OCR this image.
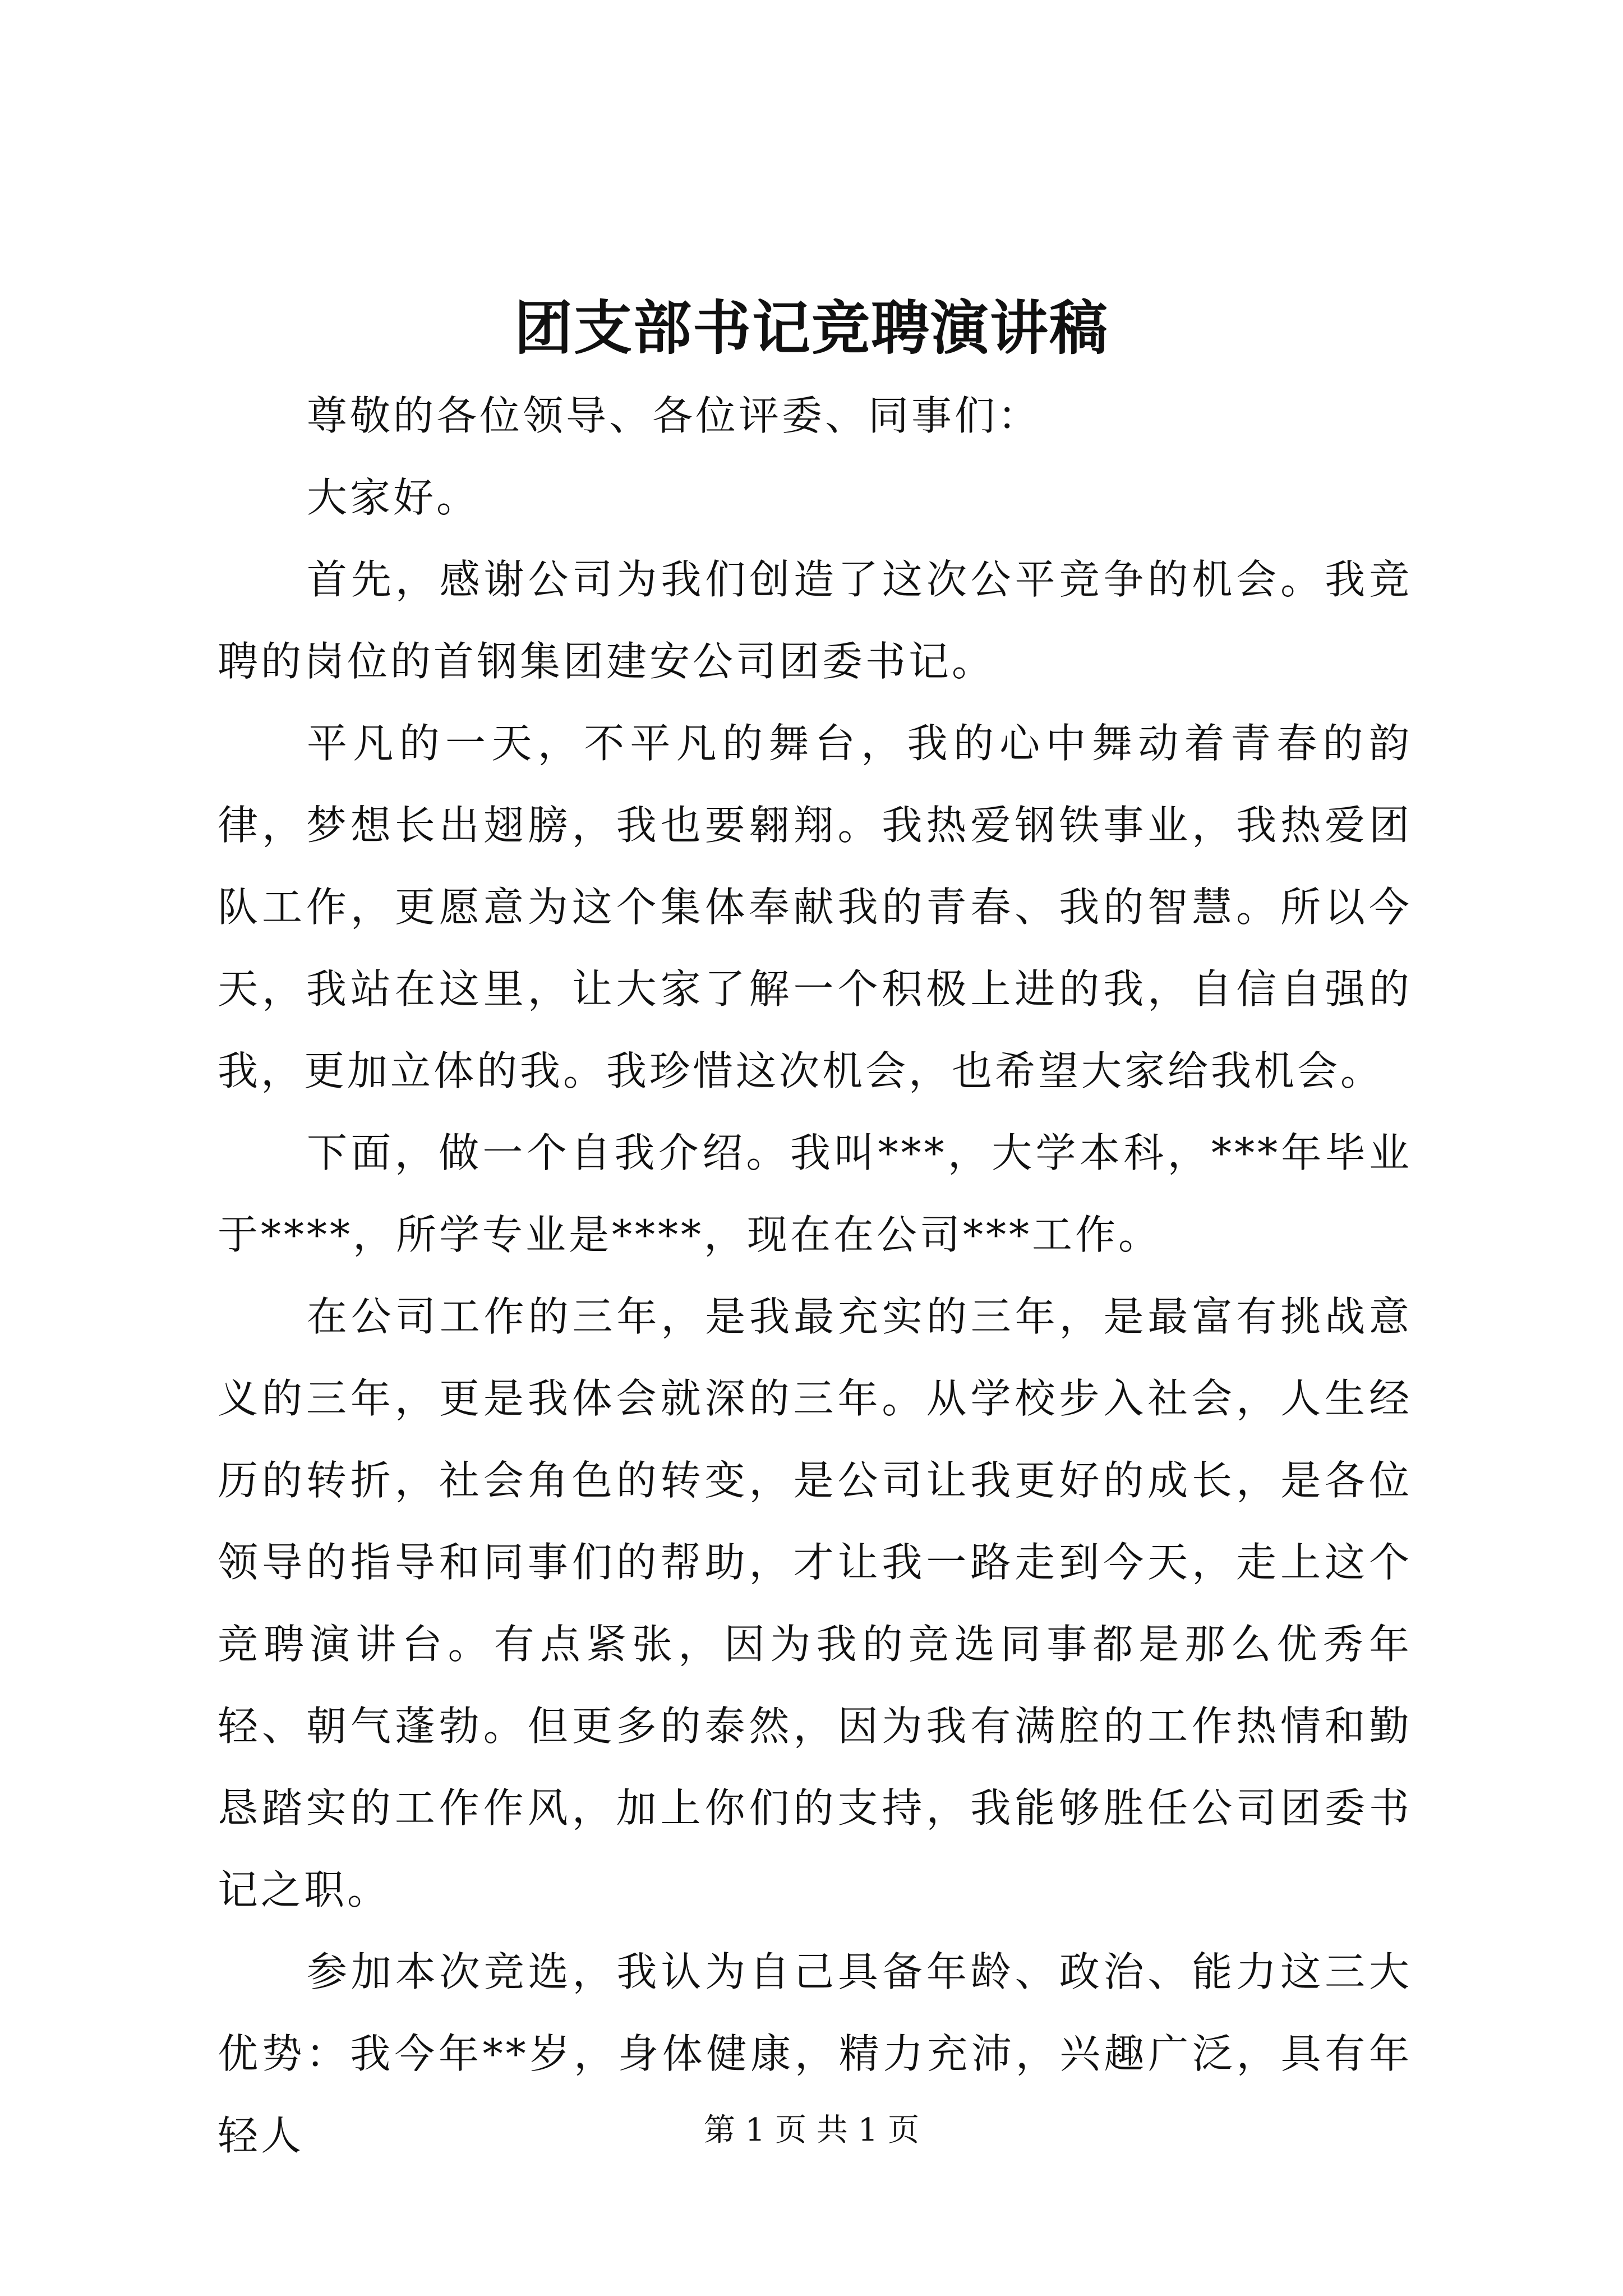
团支部书记竞聘演讲稿

尊敬的各位领导、各位评委、同事们：

大家好。

首先，感谢公司为我们创造了这次公平竞争的机会。我竞聘的岗位的首钢集团建安公司团委书记。

平凡的一天，不平凡的舞台，我的心中舞动着青春的韵律，梦想长出翅膀，我也要翱翔。我热爱钢铁事业，我热爱团队工作，更愿意为这个集体奉献我的青春、我的智慧。所以今天，我站在这里，让大家了解一个积极上进的我，自信自强的我，更加立体的我。我珍惜这次机会，也希望大家给我机会。

下面，做一个自我介绍。我叫***，大学本科，***年毕业于****，所学专业是****，现在在公司***工作。

在公司工作的三年，是我最充实的三年，是最富有挑战意义的三年，更是我体会就深的三年。从学校步入社会，人生经历的转折，社会角色的转变，是公司让我更好的成长，是各位领导的指导和同事们的帮助，才让我一路走到今天，走上这个竞聘演讲台。有点紧张，因为我的竞选同事都是那么优秀年轻、朝气蓬勃。但更多的泰然，因为我有满腔的工作热情和勤恳踏实的工作作风，加上你们的支持，我能够胜任公司团委书记之职。

参加本次竞选，我认为自己具备年龄、政治、能力这三大优势：我今年**岁，身体健康，精力充沛，兴趣广泛，具有年轻人	第 1 页 共 1 页
